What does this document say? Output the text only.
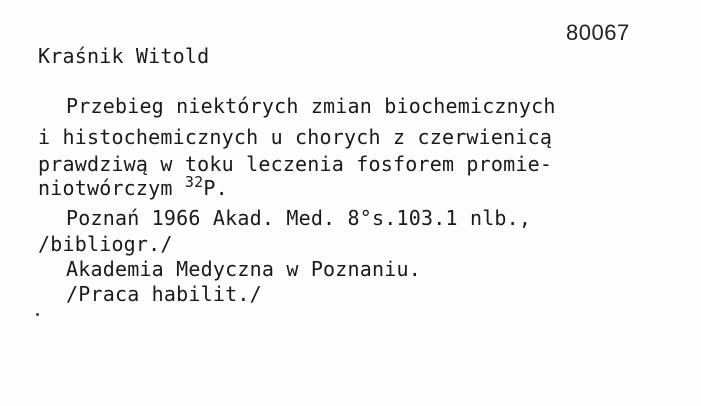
80067
Kraśnik Witold
Przebieg niektórych zmian biochemicznych
i histochemicznych u chorych z czerwienicą
prawdziwą w toku leczenia fosforem promie-
niotwórczym $^{32}$P.
Poznań 1966 Akad. Med. 8°s.103.1 nlb.,
/bibliogr./
Akademia Medyczna w Poznaniu.
/Praca habilit./
